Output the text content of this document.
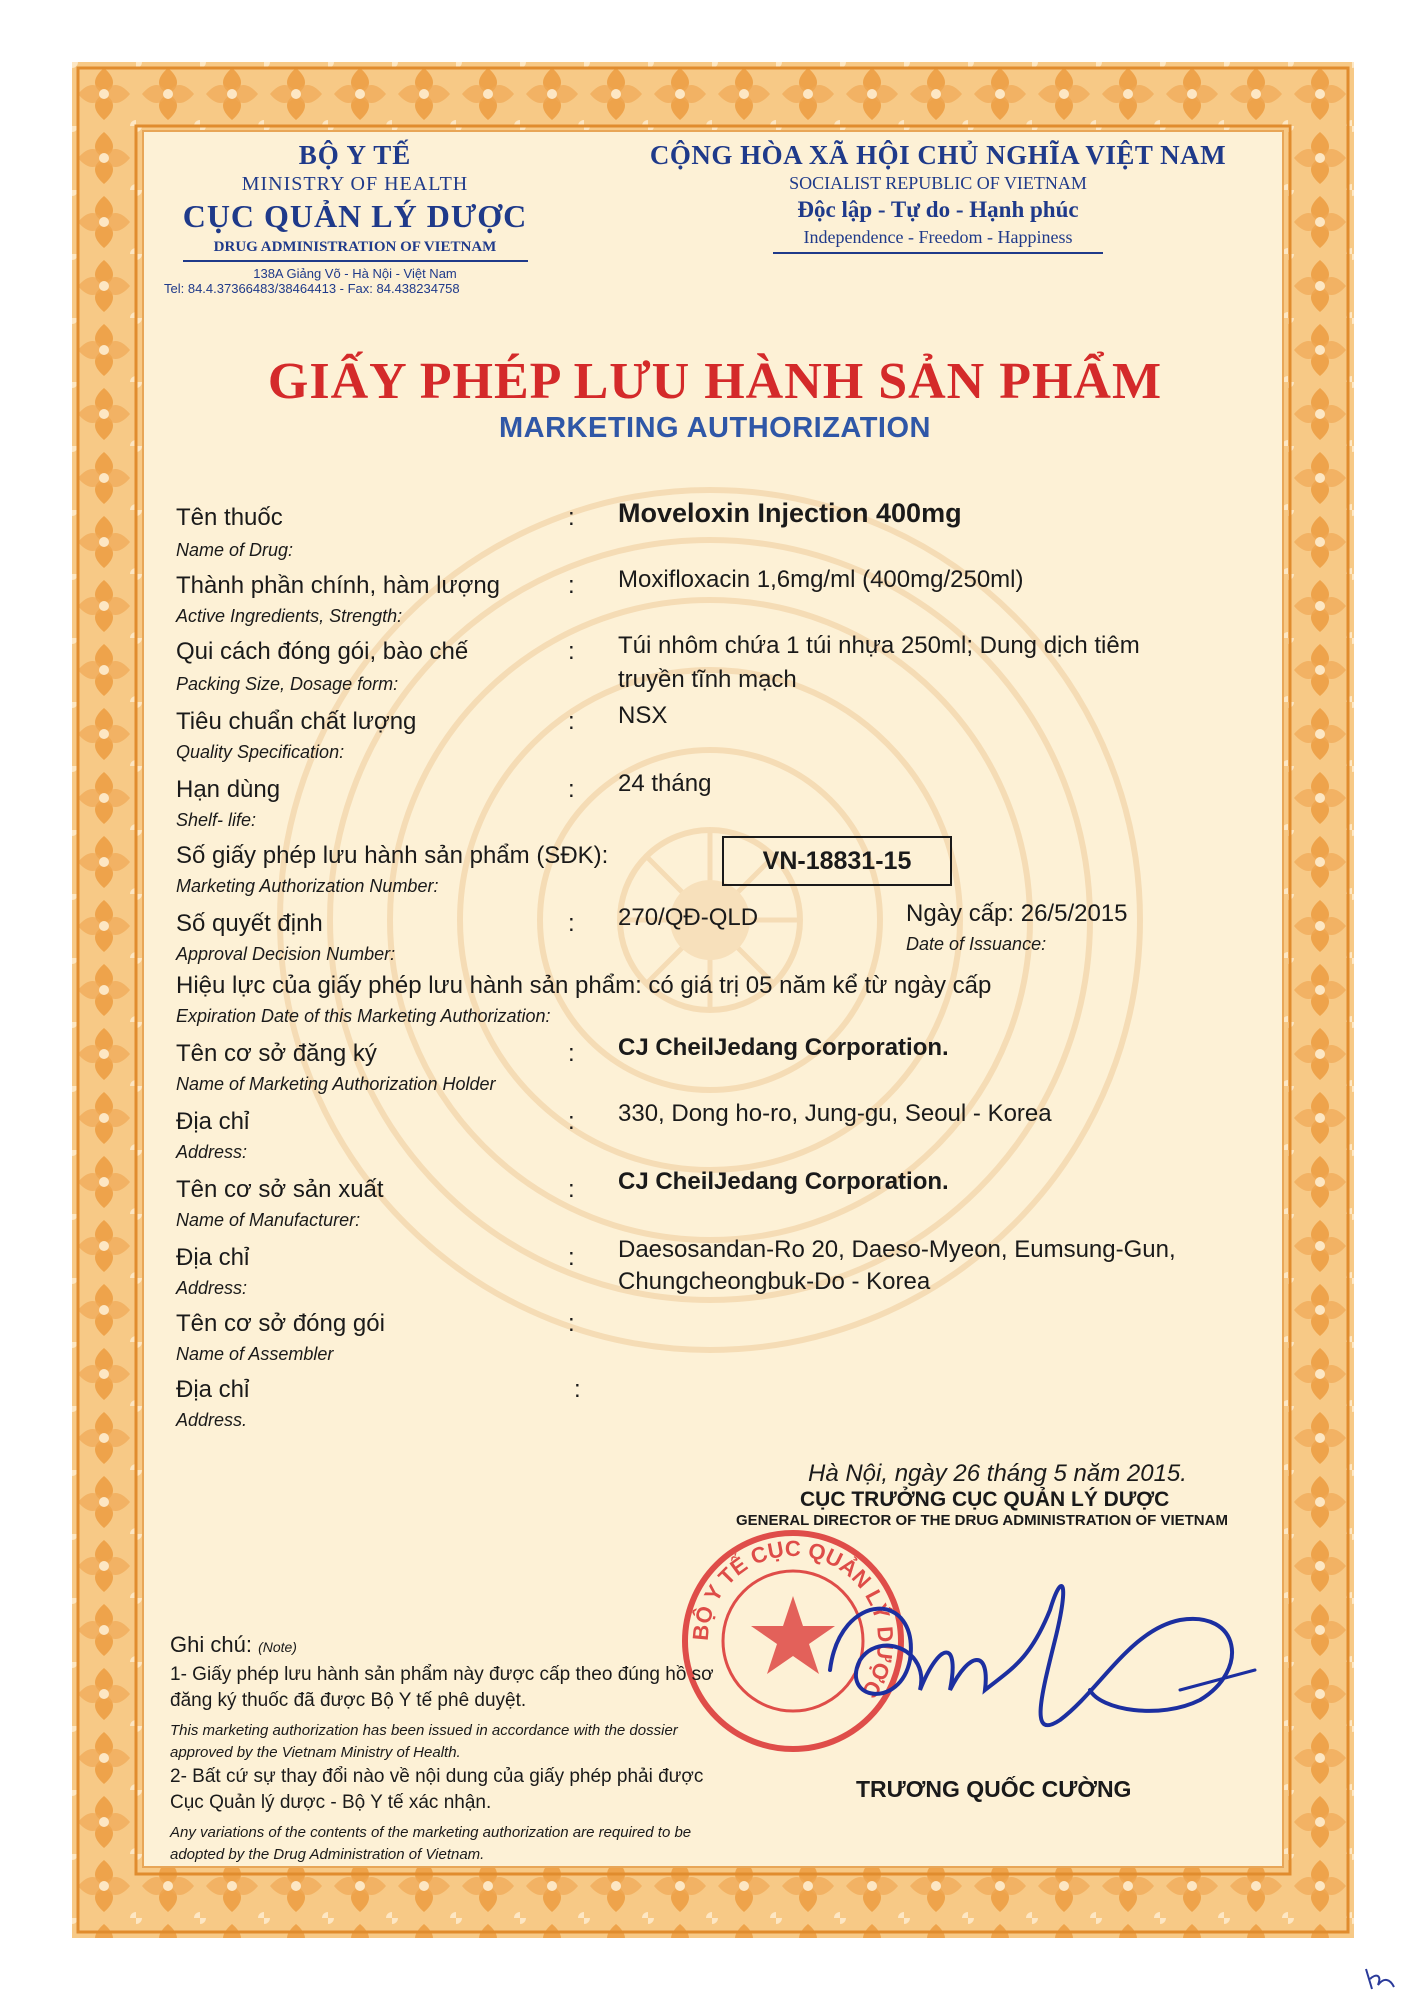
BỘ Y TẾ
MINISTRY OF HEALTH
CỤC QUẢN LÝ DƯỢC
DRUG ADMINISTRATION OF VIETNAM
138A Giảng Võ - Hà Nội - Việt Nam
Tel: 84.4.37366483/38464413 - Fax: 84.438234758
CỘNG HÒA XÃ HỘI CHỦ NGHĨA VIỆT NAM
SOCIALIST REPUBLIC OF VIETNAM
Độc lập - Tự do - Hạnh phúc
Independence - Freedom - Happiness
GIẤY PHÉP LƯU HÀNH SẢN PHẨM
MARKETING AUTHORIZATION
Tên thuốc
Name of Drug:
: Moveloxin Injection 400mg
Thành phần chính, hàm lượng
Active Ingredients, Strength:
: Moxifloxacin 1,6mg/ml (400mg/250ml)
Qui cách đóng gói, bào chế
Packing Size, Dosage form:
: Túi nhôm chứa 1 túi nhựa 250ml; Dung dịch tiêm
truyền tĩnh mạch
Tiêu chuẩn chất lượng
Quality Specification:
: NSX
Hạn dùng
Shelf- life:
: 24 tháng
Số giấy phép lưu hành sản phẩm (SĐK):
Marketing Authorization Number:
VN-18831-15
Số quyết định
Approval Decision Number:
: 270/QĐ-QLD	Ngày cấp: 26/5/2015
Date of Issuance:
Hiệu lực của giấy phép lưu hành sản phẩm: có giá trị 05 năm kể từ ngày cấp
Expiration Date of this Marketing Authorization:
Tên cơ sở đăng ký
Name of Marketing Authorization Holder
: CJ CheilJedang Corporation.
Địa chỉ
Address:
: 330, Dong ho-ro, Jung-gu, Seoul - Korea
Tên cơ sở sản xuất
Name of Manufacturer:
: CJ CheilJedang Corporation.
Địa chỉ
Address:
: Daesosandan-Ro 20, Daeso-Myeon, Eumsung-Gun,
Chungcheongbuk-Do - Korea
Tên cơ sở đóng gói
Name of Assembler
:
Địa chỉ
Address.
:
Hà Nội, ngày 26 tháng 5 năm 2015.
CỤC TRƯỞNG CỤC QUẢN LÝ DƯỢC
GENERAL DIRECTOR OF THE DRUG ADMINISTRATION OF VIETNAM
BỘ Y TẾ CỤC QUẢN LÝ DƯỢC
TRƯƠNG QUỐC CƯỜNG
Ghi chú: (Note)
1- Giấy phép lưu hành sản phẩm này được cấp theo đúng hồ sơ
đăng ký thuốc đã được Bộ Y tế phê duyệt.
This marketing authorization has been issued in accordance with the dossier
approved by the Vietnam Ministry of Health.
2- Bất cứ sự thay đổi nào về nội dung của giấy phép phải được
Cục Quản lý dược - Bộ Y tế xác nhận.
Any variations of the contents of the marketing authorization are required to be
adopted by the Drug Administration of Vietnam.
